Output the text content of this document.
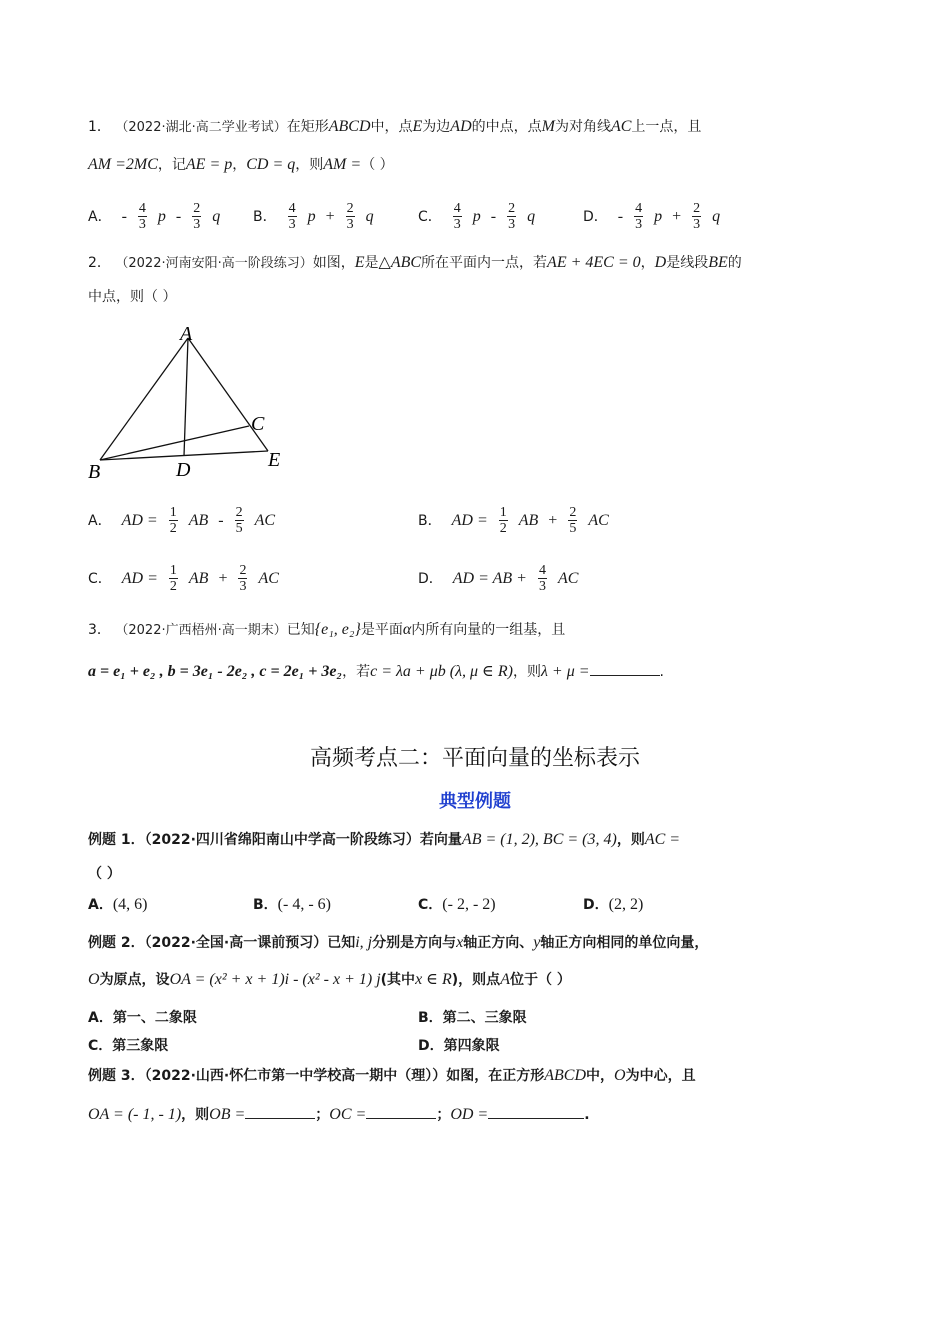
1． （2022·湖北·高二学业考试）在矩形ABCD中，点E为边AD的中点，点M为对角线AC上一点，且
AM =2MC，记AE = p，CD = q，则AM =（ ）
A． - $\frac{4}{3}$ p - $\frac{2}{3}$ q B． $\frac{4}{3}$ $p + \frac{2}{3}$ q	C． $\frac{4}{3}$ p - $\frac{2}{3}$ q	D． - $\frac{4}{3}$ $p + \frac{2}{3}$ q
2． （2022·河南安阳·高一阶段练习）如图，E是△ABC所在平面内一点，若AE + 4EC = 0，D是线段BE的
中点，则（ ）
A
B
C
D	E
A． AD = $\frac{1}{2}$ AB - $\frac{2}{5}$ AC	B． AD = $\frac{1}{2}$ AB + $\frac{2}{5}$ AC
C． AD = $\frac{1}{2}$ AB + $\frac{2}{3}$ AC	D． AD = AB + $\frac{4}{3}$ AC
3． （2022·广西梧州·高一期末）已知{e₁, e₂}是平面α内所有向量的一组基，且
a = e₁ + e₂ , b = 3e₁ - 2e₂ , c = 2e₁ + 3e₂，若c = λa + μb (λ, μ ∈ R)，则λ + μ =	.
高频考点二：平面向量的坐标表示
典型例题
例题 1．（2022·四川省绵阳南山中学高一阶段练习）若向量AB = (1, 2), BC = (3, 4)，则AC =
（ ）
A．(4, 6)	B．(- 4, - 6)	C．(- 2, - 2)	D．(2, 2)
例题 2．（2022·全国·高一课前预习）已知i, j分别是方向与x轴正方向、y轴正方向相同的单位向量，
O为原点，设OA = (x² + x + 1)i - (x² - x + 1) j(其中x ∈ R)，则点A位于（ ）
A．第一、二象限	B．第二、三象限
C．第三象限	D．第四象限
例题 3．（2022·山西·怀仁市第一中学校高一期中（理））如图，在正方形ABCD中，O为中心，且
OA = (- 1, - 1)，则OB =	；OC =	；OD =	.
